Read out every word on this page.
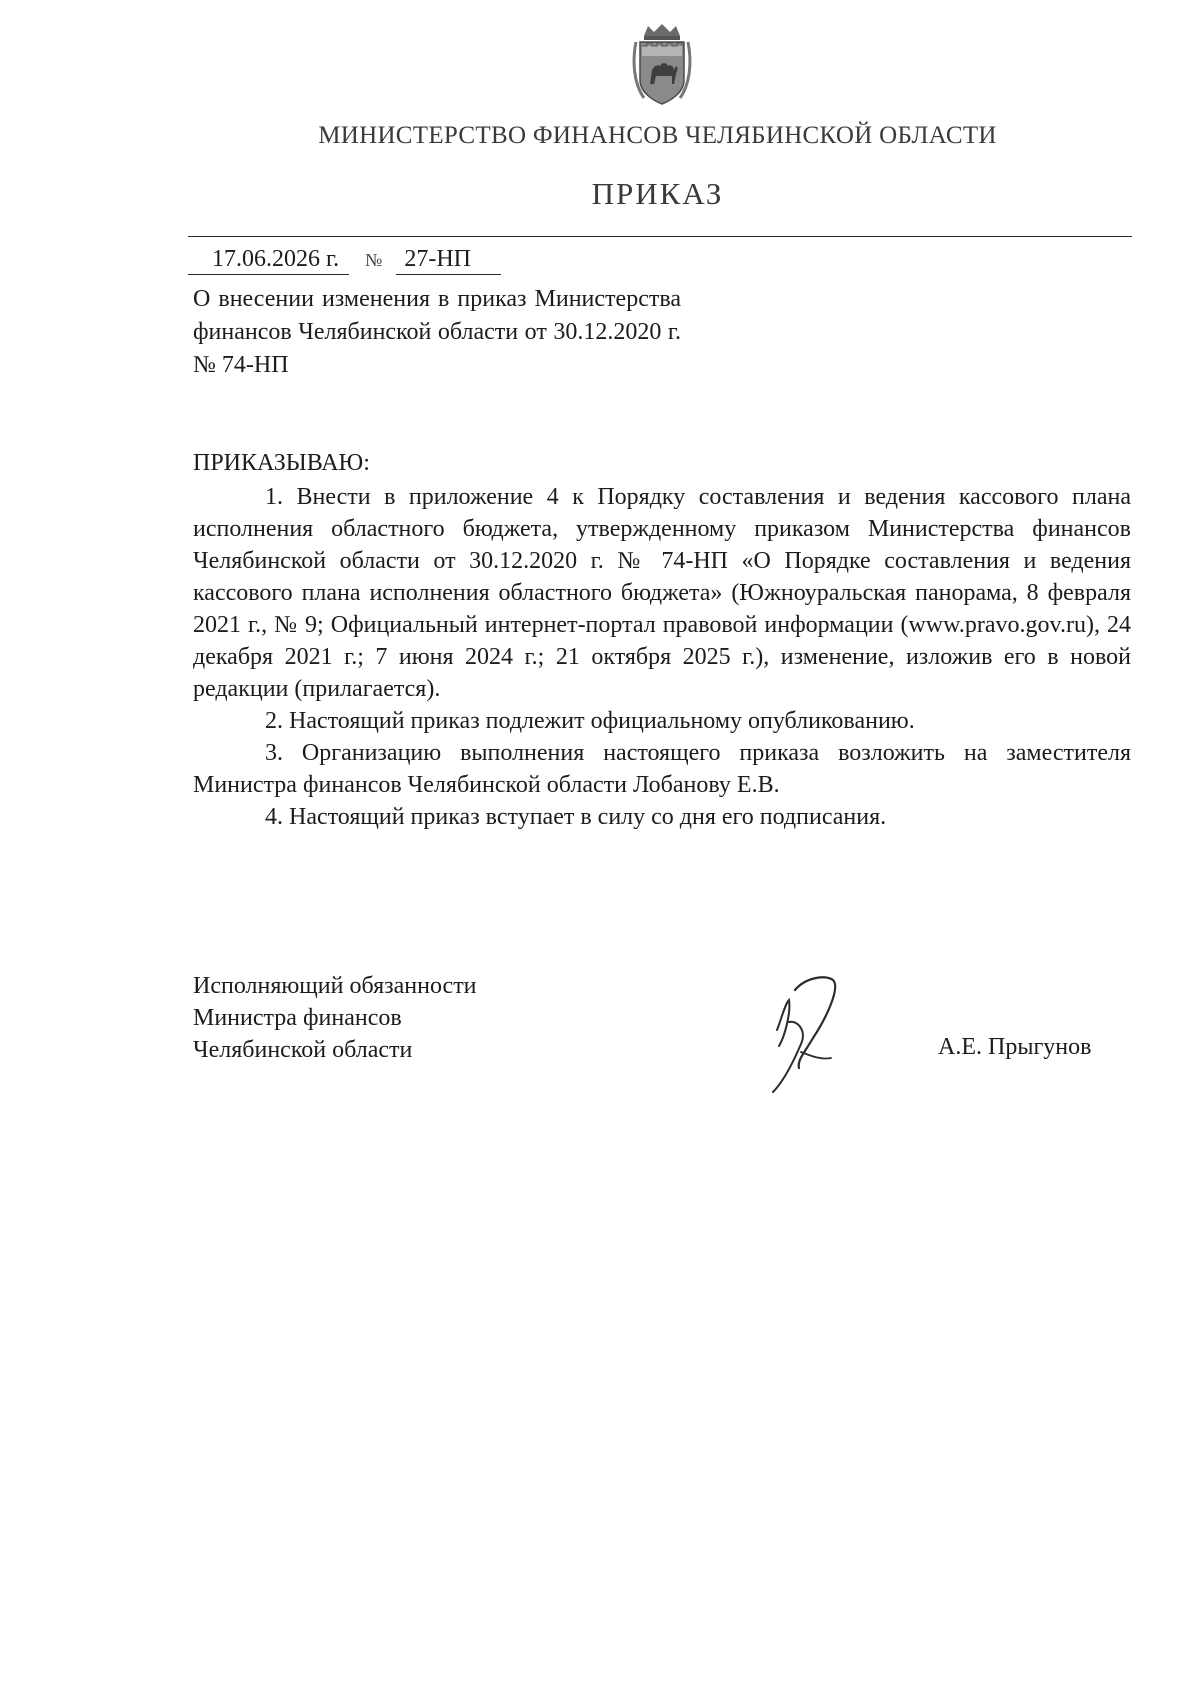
МИНИСТЕРСТВО ФИНАНСОВ ЧЕЛЯБИНСКОЙ ОБЛАСТИ
ПРИКАЗ
17.06.2026 г. № 27-НП

О внесении изменения в приказ Министерства финансов Челябинской области от 30.12.2020 г. № 74-НП

ПРИКАЗЫВАЮ:

1. Внести в приложение 4 к Порядку составления и ведения кассового плана исполнения областного бюджета, утвержденному приказом Министерства финансов Челябинской области от 30.12.2020 г. № 74-НП «О Порядке составления и ведения кассового плана исполнения областного бюджета» (Южноуральская панорама, 8 февраля 2021 г., № 9; Официальный интернет-портал правовой информации (www.pravo.gov.ru), 24 декабря 2021 г.; 7 июня 2024 г.; 21 октября 2025 г.), изменение, изложив его в новой редакции (прилагается).

2. Настоящий приказ подлежит официальному опубликованию.

3. Организацию выполнения настоящего приказа возложить на заместителя Министра финансов Челябинской области Лобанову Е.В.

4. Настоящий приказ вступает в силу со дня его подписания.

Исполняющий обязанности
Министра финансов
Челябинской области	А.Е. Прыгунов
